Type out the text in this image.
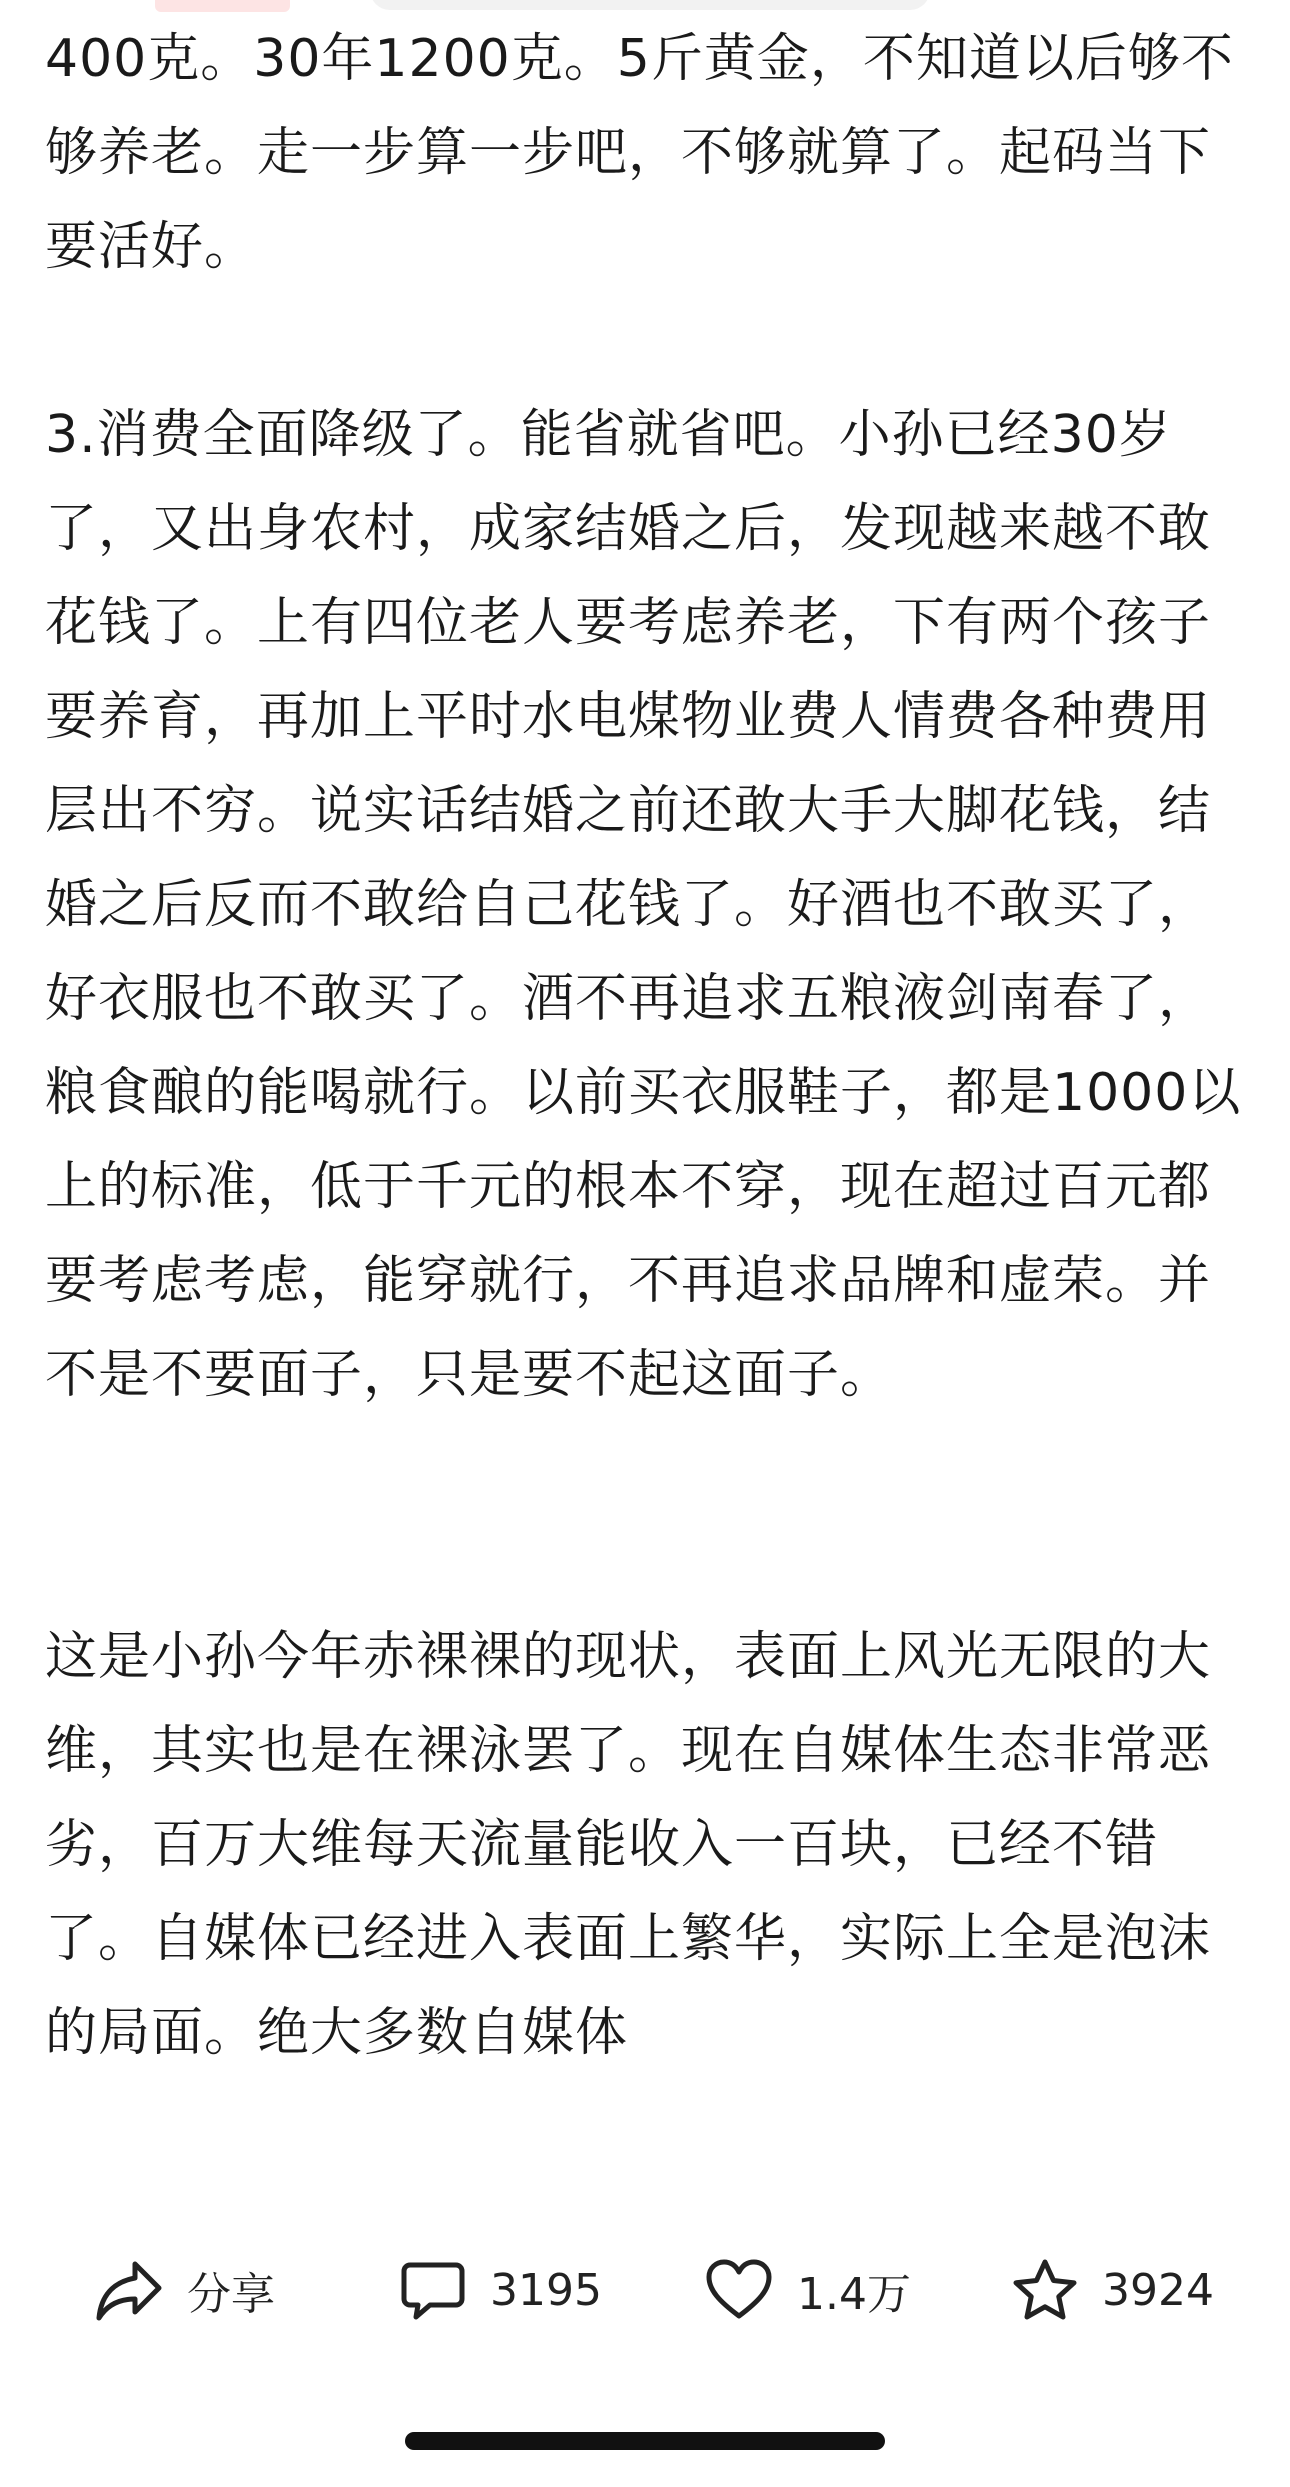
400克。30年1200克。5斤黄金，不知道以后够不够养老。走一步算一步吧，不够就算了。起码当下要活好。

3.消费全面降级了。能省就省吧。小孙已经30岁了，又出身农村，成家结婚之后，发现越来越不敢花钱了。上有四位老人要考虑养老，下有两个孩子要养育，再加上平时水电煤物业费人情费各种费用层出不穷。说实话结婚之前还敢大手大脚花钱，结婚之后反而不敢给自己花钱了。好酒也不敢买了，好衣服也不敢买了。酒不再追求五粮液剑南春了，粮食酿的能喝就行。以前买衣服鞋子，都是1000以上的标准，低于千元的根本不穿，现在超过百元都要考虑考虑，能穿就行，不再追求品牌和虚荣。并不是不要面子，只是要不起这面子。

这是小孙今年赤裸裸的现状，表面上风光无限的大维，其实也是在裸泳罢了。现在自媒体生态非常恶劣，百万大维每天流量能收入一百块，已经不错了。自媒体已经进入表面上繁华，实际上全是泡沫的局面。绝大多数自媒体

分享	3195	1.4万	3924
